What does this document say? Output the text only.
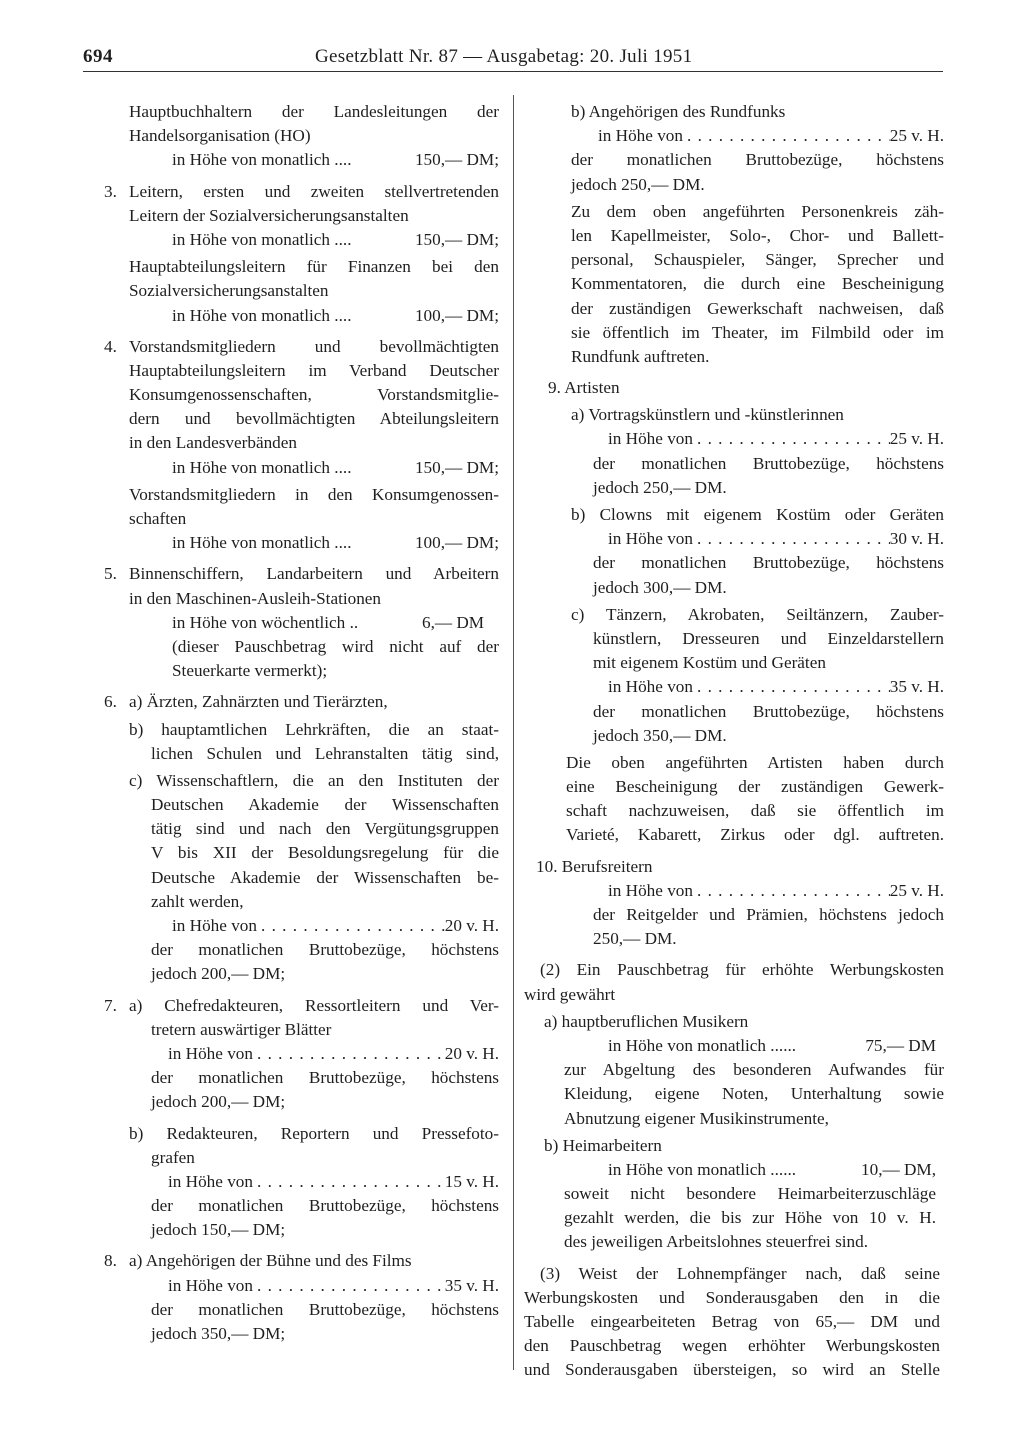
694	Gesetzblatt Nr. 87 — Ausgabetag: 20. Juli 1951
Hauptbuchhaltern der Landesleitungen der
Handelsorganisation (HO)
in Höhe von monatlich ....	150,— DM;
3. Leitern, ersten und zweiten stellvertretenden
Leitern der Sozialversicherungsanstalten
in Höhe von monatlich ....	150,— DM;
Hauptabteilungsleitern für Finanzen bei den
Sozialversicherungsanstalten
in Höhe von monatlich ....	100,— DM;
4. Vorstandsmitgliedern und bevollmächtigten
Hauptabteilungsleitern im Verband Deutscher
Konsumgenossenschaften, Vorstandsmitglie-
dern und bevollmächtigten Abteilungsleitern
in den Landesverbänden
in Höhe von monatlich ....	150,— DM;
Vorstandsmitgliedern in den Konsumgenossen-
schaften
in Höhe von monatlich ....	100,— DM;
5. Binnenschiffern, Landarbeitern und Arbeitern
in den Maschinen-Ausleih-Stationen
in Höhe von wöchentlich ..	6,— DM
(dieser Pauschbetrag wird nicht auf der
Steuerkarte vermerkt);
6. a) Ärzten, Zahnärzten und Tierärzten,
b) hauptamtlichen Lehrkräften, die an staat-
lichen Schulen und Lehranstalten tätig sind,
c) Wissenschaftlern, die an den Instituten der
Deutschen Akademie der Wissenschaften
tätig sind und nach den Vergütungsgruppen
V bis XII der Besoldungsregelung für die
Deutsche Akademie der Wissenschaften be-
zahlt werden,
in Höhe von . . .	20 v. H.
der monatlichen Bruttobezüge, höchstens
jedoch 200,— DM;
7. a) Chefredakteuren, Ressortleitern und Ver-
tretern auswärtiger Blätter
in Höhe von . . .	20 v. H.
der monatlichen Bruttobezüge, höchstens
jedoch 200,— DM;
b) Redakteuren, Reportern und Pressefoto-
grafen
in Höhe von . . .	15 v. H.
der monatlichen Bruttobezüge, höchstens
jedoch 150,— DM;
8. a) Angehörigen der Bühne und des Films
in Höhe von . . .	35 v. H.
der monatlichen Bruttobezüge, höchstens
jedoch 350,— DM;
b) Angehörigen des Rundfunks
in Höhe von . . .	25 v. H.
der monatlichen Bruttobezüge, höchstens
jedoch 250,— DM.
Zu dem oben angeführten Personenkreis zäh-
len Kapellmeister, Solo-, Chor- und Ballett-
personal, Schauspieler, Sänger, Sprecher und
Kommentatoren, die durch eine Bescheinigung
der zuständigen Gewerkschaft nachweisen, daß
sie öffentlich im Theater, im Filmbild oder im
Rundfunk auftreten.
9. Artisten
a) Vortragskünstlern und -künstlerinnen
in Höhe von . . .	25 v. H.
der monatlichen Bruttobezüge, höchstens
jedoch 250,— DM.
b) Clowns mit eigenem Kostüm oder Geräten
in Höhe von . . .	30 v. H.
der monatlichen Bruttobezüge, höchstens
jedoch 300,— DM.
c) Tänzern, Akrobaten, Seiltänzern, Zauber-
künstlern, Dresseuren und Einzeldarstellern
mit eigenem Kostüm und Geräten
in Höhe von . . .	35 v. H.
der monatlichen Bruttobezüge, höchstens
jedoch 350,— DM.
Die oben angeführten Artisten haben durch
eine Bescheinigung der zuständigen Gewerk-
schaft nachzuweisen, daß sie öffentlich im
Varieté, Kabarett, Zirkus oder dgl. auftreten.
10. Berufsreitern
in Höhe von . . .	25 v. H.
der Reitgelder und Prämien, höchstens jedoch
250,— DM.
(2) Ein Pauschbetrag für erhöhte Werbungskosten
wird gewährt
a) hauptberuflichen Musikern
in Höhe von monatlich ......	75,— DM
zur Abgeltung des besonderen Aufwandes für
Kleidung, eigene Noten, Unterhaltung sowie
Abnutzung eigener Musikinstrumente,
b) Heimarbeitern
in Höhe von monatlich ......	10,— DM,
soweit nicht besondere Heimarbeiterzuschläge
gezahlt werden, die bis zur Höhe von 10 v. H.
des jeweiligen Arbeitslohnes steuerfrei sind.
(3) Weist der Lohnempfänger nach, daß seine
Werbungskosten und Sonderausgaben den in die
Tabelle eingearbeiteten Betrag von 65,— DM und
den Pauschbetrag wegen erhöhter Werbungskosten
und Sonderausgaben übersteigen, so wird an Stelle
